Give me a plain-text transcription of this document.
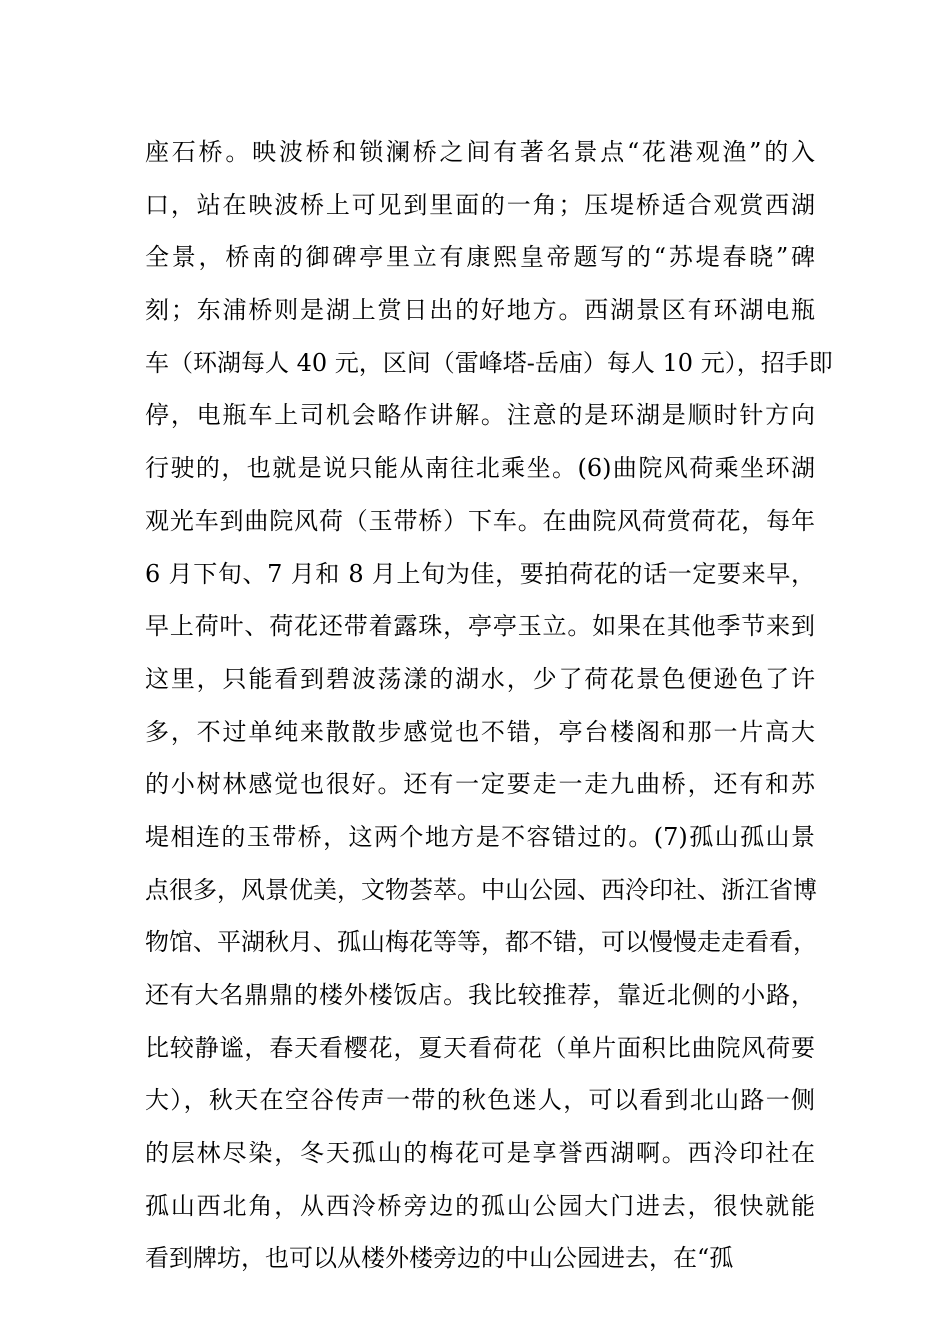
座石桥。映波桥和锁澜桥之间有著名景点“花港观渔”的入
口，站在映波桥上可见到里面的一角；压堤桥适合观赏西湖
全景，桥南的御碑亭里立有康熙皇帝题写的“苏堤春晓”碑
刻；东浦桥则是湖上赏日出的好地方。西湖景区有环湖电瓶
车（环湖每人 40 元，区间（雷峰塔-岳庙）每人 10 元），招手即
停，电瓶车上司机会略作讲解。注意的是环湖是顺时针方向
行驶的，也就是说只能从南往北乘坐。(6)曲院风荷乘坐环湖
观光车到曲院风荷（玉带桥）下车。在曲院风荷赏荷花，每年
6 月下旬、7 月和 8 月上旬为佳，要拍荷花的话一定要来早，
早上荷叶、荷花还带着露珠，亭亭玉立。如果在其他季节来到
这里，只能看到碧波荡漾的湖水，少了荷花景色便逊色了许
多，不过单纯来散散步感觉也不错，亭台楼阁和那一片高大
的小树林感觉也很好。还有一定要走一走九曲桥，还有和苏
堤相连的玉带桥，这两个地方是不容错过的。(7)孤山孤山景
点很多，风景优美，文物荟萃。中山公园、西泠印社、浙江省博
物馆、平湖秋月、孤山梅花等等，都不错，可以慢慢走走看看，
还有大名鼎鼎的楼外楼饭店。我比较推荐，靠近北侧的小路，
比较静谧，春天看樱花，夏天看荷花（单片面积比曲院风荷要
大），秋天在空谷传声一带的秋色迷人，可以看到北山路一侧
的层林尽染，冬天孤山的梅花可是享誉西湖啊。西泠印社在
孤山西北角，从西泠桥旁边的孤山公园大门进去，很快就能
看到牌坊，也可以从楼外楼旁边的中山公园进去，在“孤
